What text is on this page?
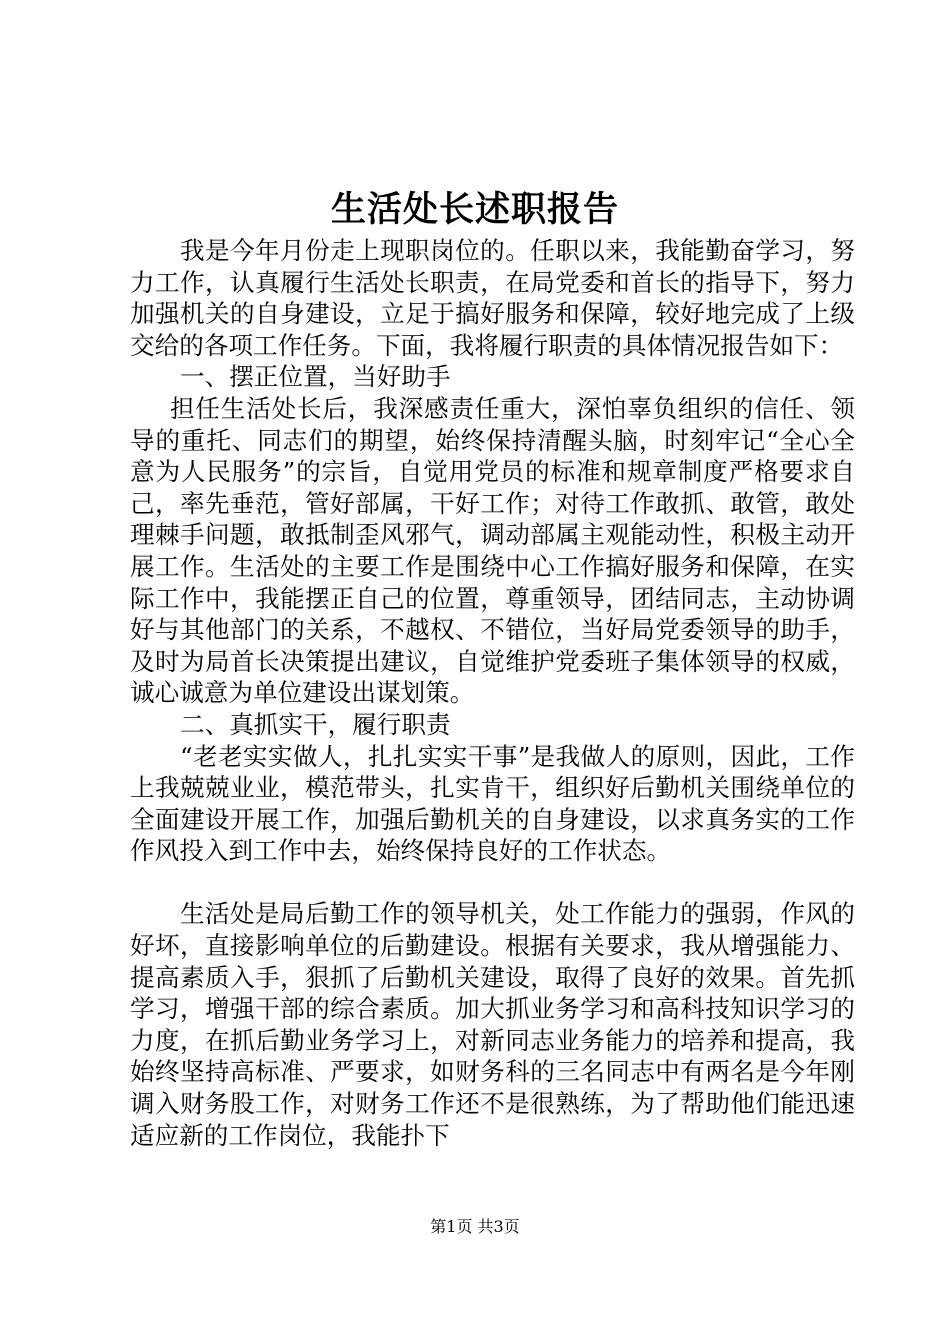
生活处长述职报告

我是今年月份走上现职岗位的。任职以来，我能勤奋学习，努力工作，认真履行生活处长职责，在局党委和首长的指导下，努力加强机关的自身建设，立足于搞好服务和保障，较好地完成了上级交给的各项工作任务。下面，我将履行职责的具体情况报告如下：

一、摆正位置，当好助手

担任生活处长后，我深感责任重大，深怕辜负组织的信任、领导的重托、同志们的期望，始终保持清醒头脑，时刻牢记“全心全意为人民服务”的宗旨，自觉用党员的标准和规章制度严格要求自己，率先垂范，管好部属，干好工作；对待工作敢抓、敢管，敢处理棘手问题，敢抵制歪风邪气，调动部属主观能动性，积极主动开展工作。生活处的主要工作是围绕中心工作搞好服务和保障，在实际工作中，我能摆正自己的位置，尊重领导，团结同志，主动协调好与其他部门的关系，不越权、不错位，当好局党委领导的助手，及时为局首长决策提出建议，自觉维护党委班子集体领导的权威，诚心诚意为单位建设出谋划策。

二、真抓实干，履行职责

“老老实实做人，扎扎实实干事”是我做人的原则，因此，工作上我兢兢业业，模范带头，扎实肯干，组织好后勤机关围绕单位的全面建设开展工作，加强后勤机关的自身建设，以求真务实的工作作风投入到工作中去，始终保持良好的工作状态。

生活处是局后勤工作的领导机关，处工作能力的强弱，作风的好坏，直接影响单位的后勤建设。根据有关要求，我从增强能力、提高素质入手，狠抓了后勤机关建设，取得了良好的效果。首先抓学习，增强干部的综合素质。加大抓业务学习和高科技知识学习的力度，在抓后勤业务学习上，对新同志业务能力的培养和提高，我始终坚持高标准、严要求，如财务科的三名同志中有两名是今年刚调入财务股工作，对财务工作还不是很熟练，为了帮助他们能迅速适应新的工作岗位，我能扑下

第1页 共3页
